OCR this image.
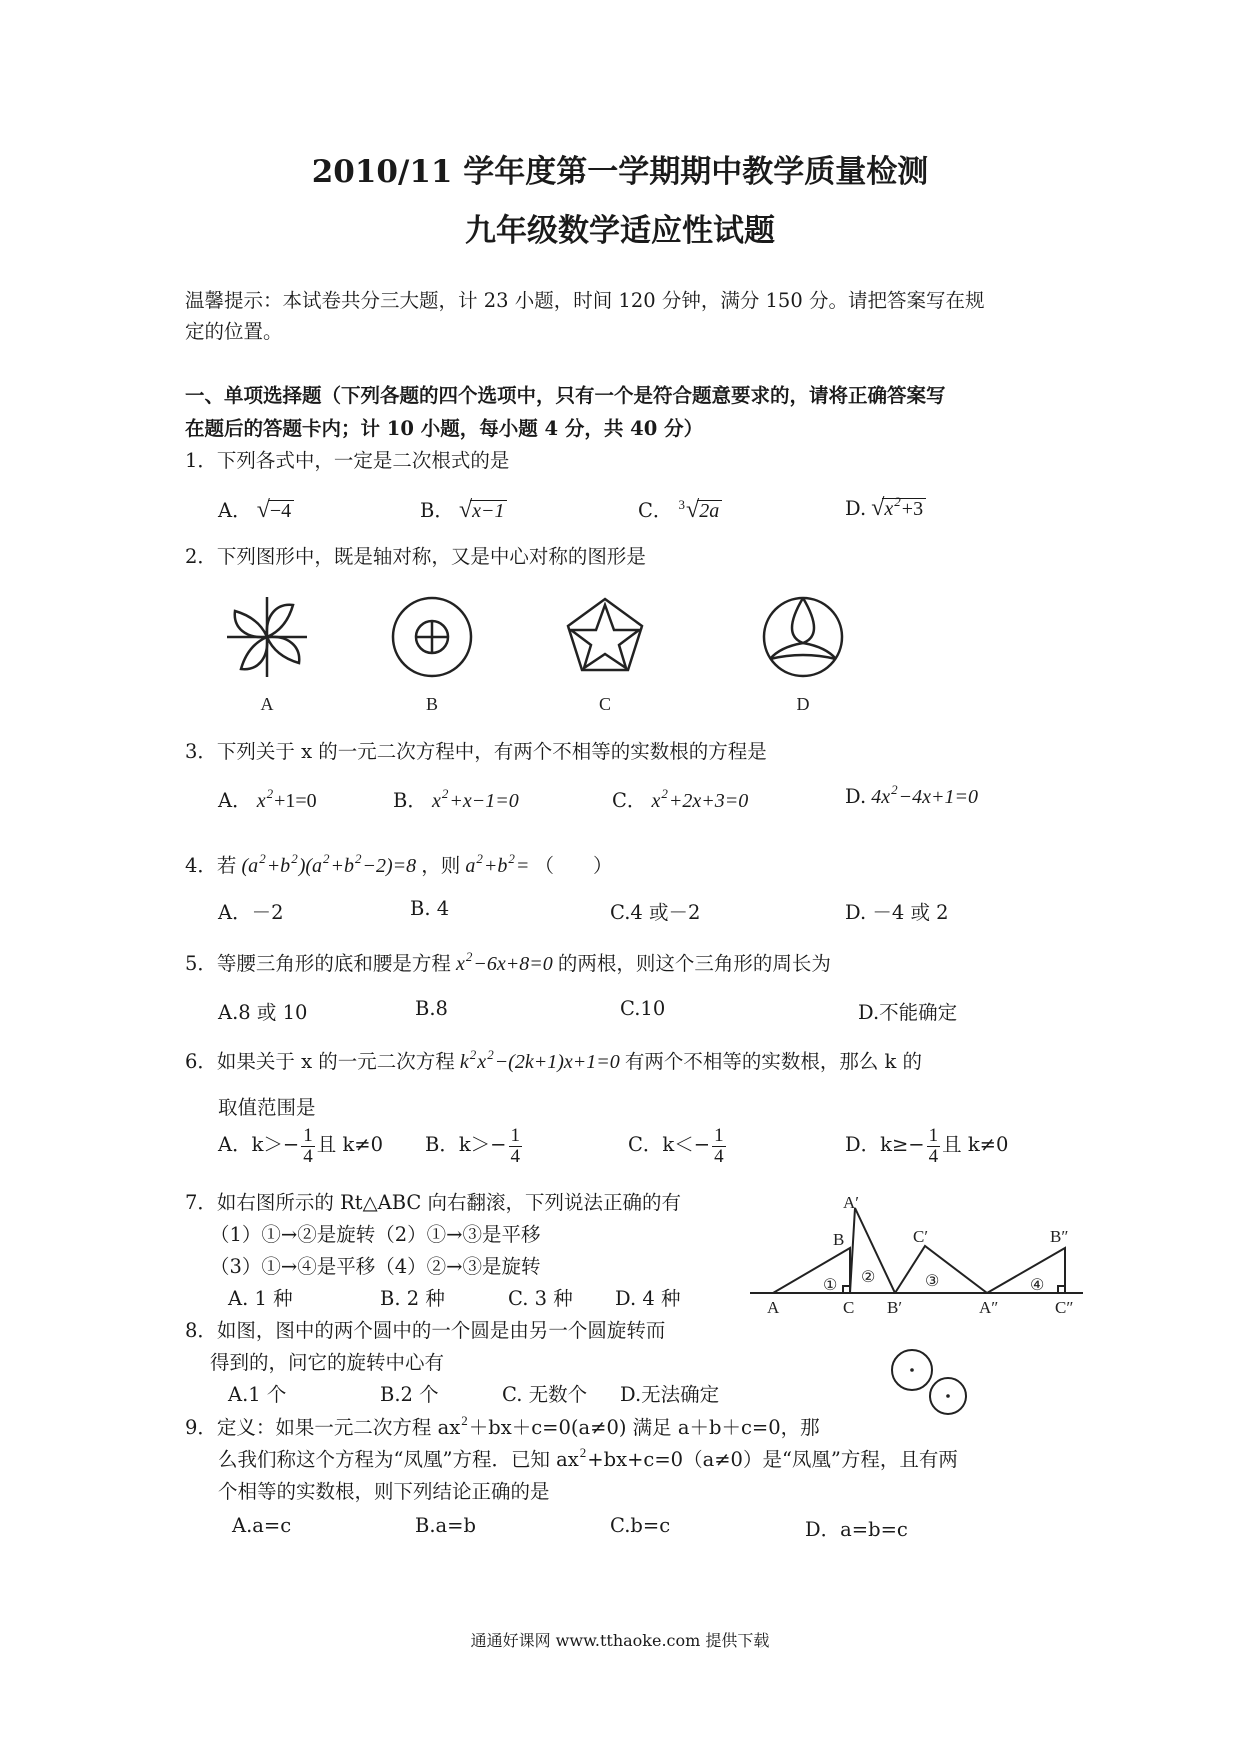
2010/11 学年度第一学期期中教学质量检测
九年级数学适应性试题
温馨提示：本试卷共分三大题，计 23 小题，时间 120 分钟，满分 150 分。请把答案写在规
定的位置。
一、单项选择题（下列各题的四个选项中，只有一个是符合题意要求的，请将正确答案写
在题后的答题卡内；计 10 小题，每小题 4 分，共 40 分）
1．下列各式中，一定是二次根式的是
A． √−4	B． √x−1	C． $^3$√2a	D. $√x^2+3$
2．下列图形中，既是轴对称，又是中心对称的图形是
A	B	C	D
3．下列关于 x 的一元二次方程中，有两个不相等的实数根的方程是
A． $x^2+1=0$	B． $x^2+x-1=0$	C． $x^2+2x+3=0$	D. $4x^2-4x+1=0$
4．若 $(a^2+b^2)(a^2+b^2-2)=8$ ，则 $a^2+b^2=$ （　　）
A．－2	B. 4	C.4 或－2	D. －4 或 2
5．等腰三角形的底和腰是方程 $x^2-6x+8=0$ 的两根，则这个三角形的周长为
A.8 或 10	B.8	C.10	D.不能确定
6．如果关于 x 的一元二次方程 $k^2x^2-(2k+1)x+1=0$ 有两个不相等的实数根，那么 k 的
取值范围是
A．$k>- \frac{1}{4}$ 且 k≠0 B．$k>- \frac{1}{4}$	C．$k<- \frac{1}{4}$	D．$k\ge- \frac{1}{4}$ 且 k≠0
7．如右图所示的 Rt△ABC 向右翻滚，下列说法正确的有
（1）①→②是旋转（2）①→③是平移
（3）①→④是平移（4）②→③是旋转
A. 1 种	B. 2 种	C. 3 种 D. 4 种	A	C
B
A′
B′
C′
A″
B″
C″
① ②	③	④
8．如图，图中的两个圆中的一个圆是由另一个圆旋转而
得到的，问它的旋转中心有
A.1 个	B.2 个	C. 无数个 D.无法确定
9．定义：如果一元二次方程 $ax^2+bx+c=0(a\ne 0)$ 满足 a＋b＋c=0，那
么我们称这个方程为“凤凰”方程．已知 $ax^2+bx+c=0(a\ne 0)$是“凤凰”方程，且有两
个相等的实数根，则下列结论正确的是
A.a=c	B.a=b	C.b=c	D．a=b=c
通通好课网 www.tthaoke.com 提供下载
